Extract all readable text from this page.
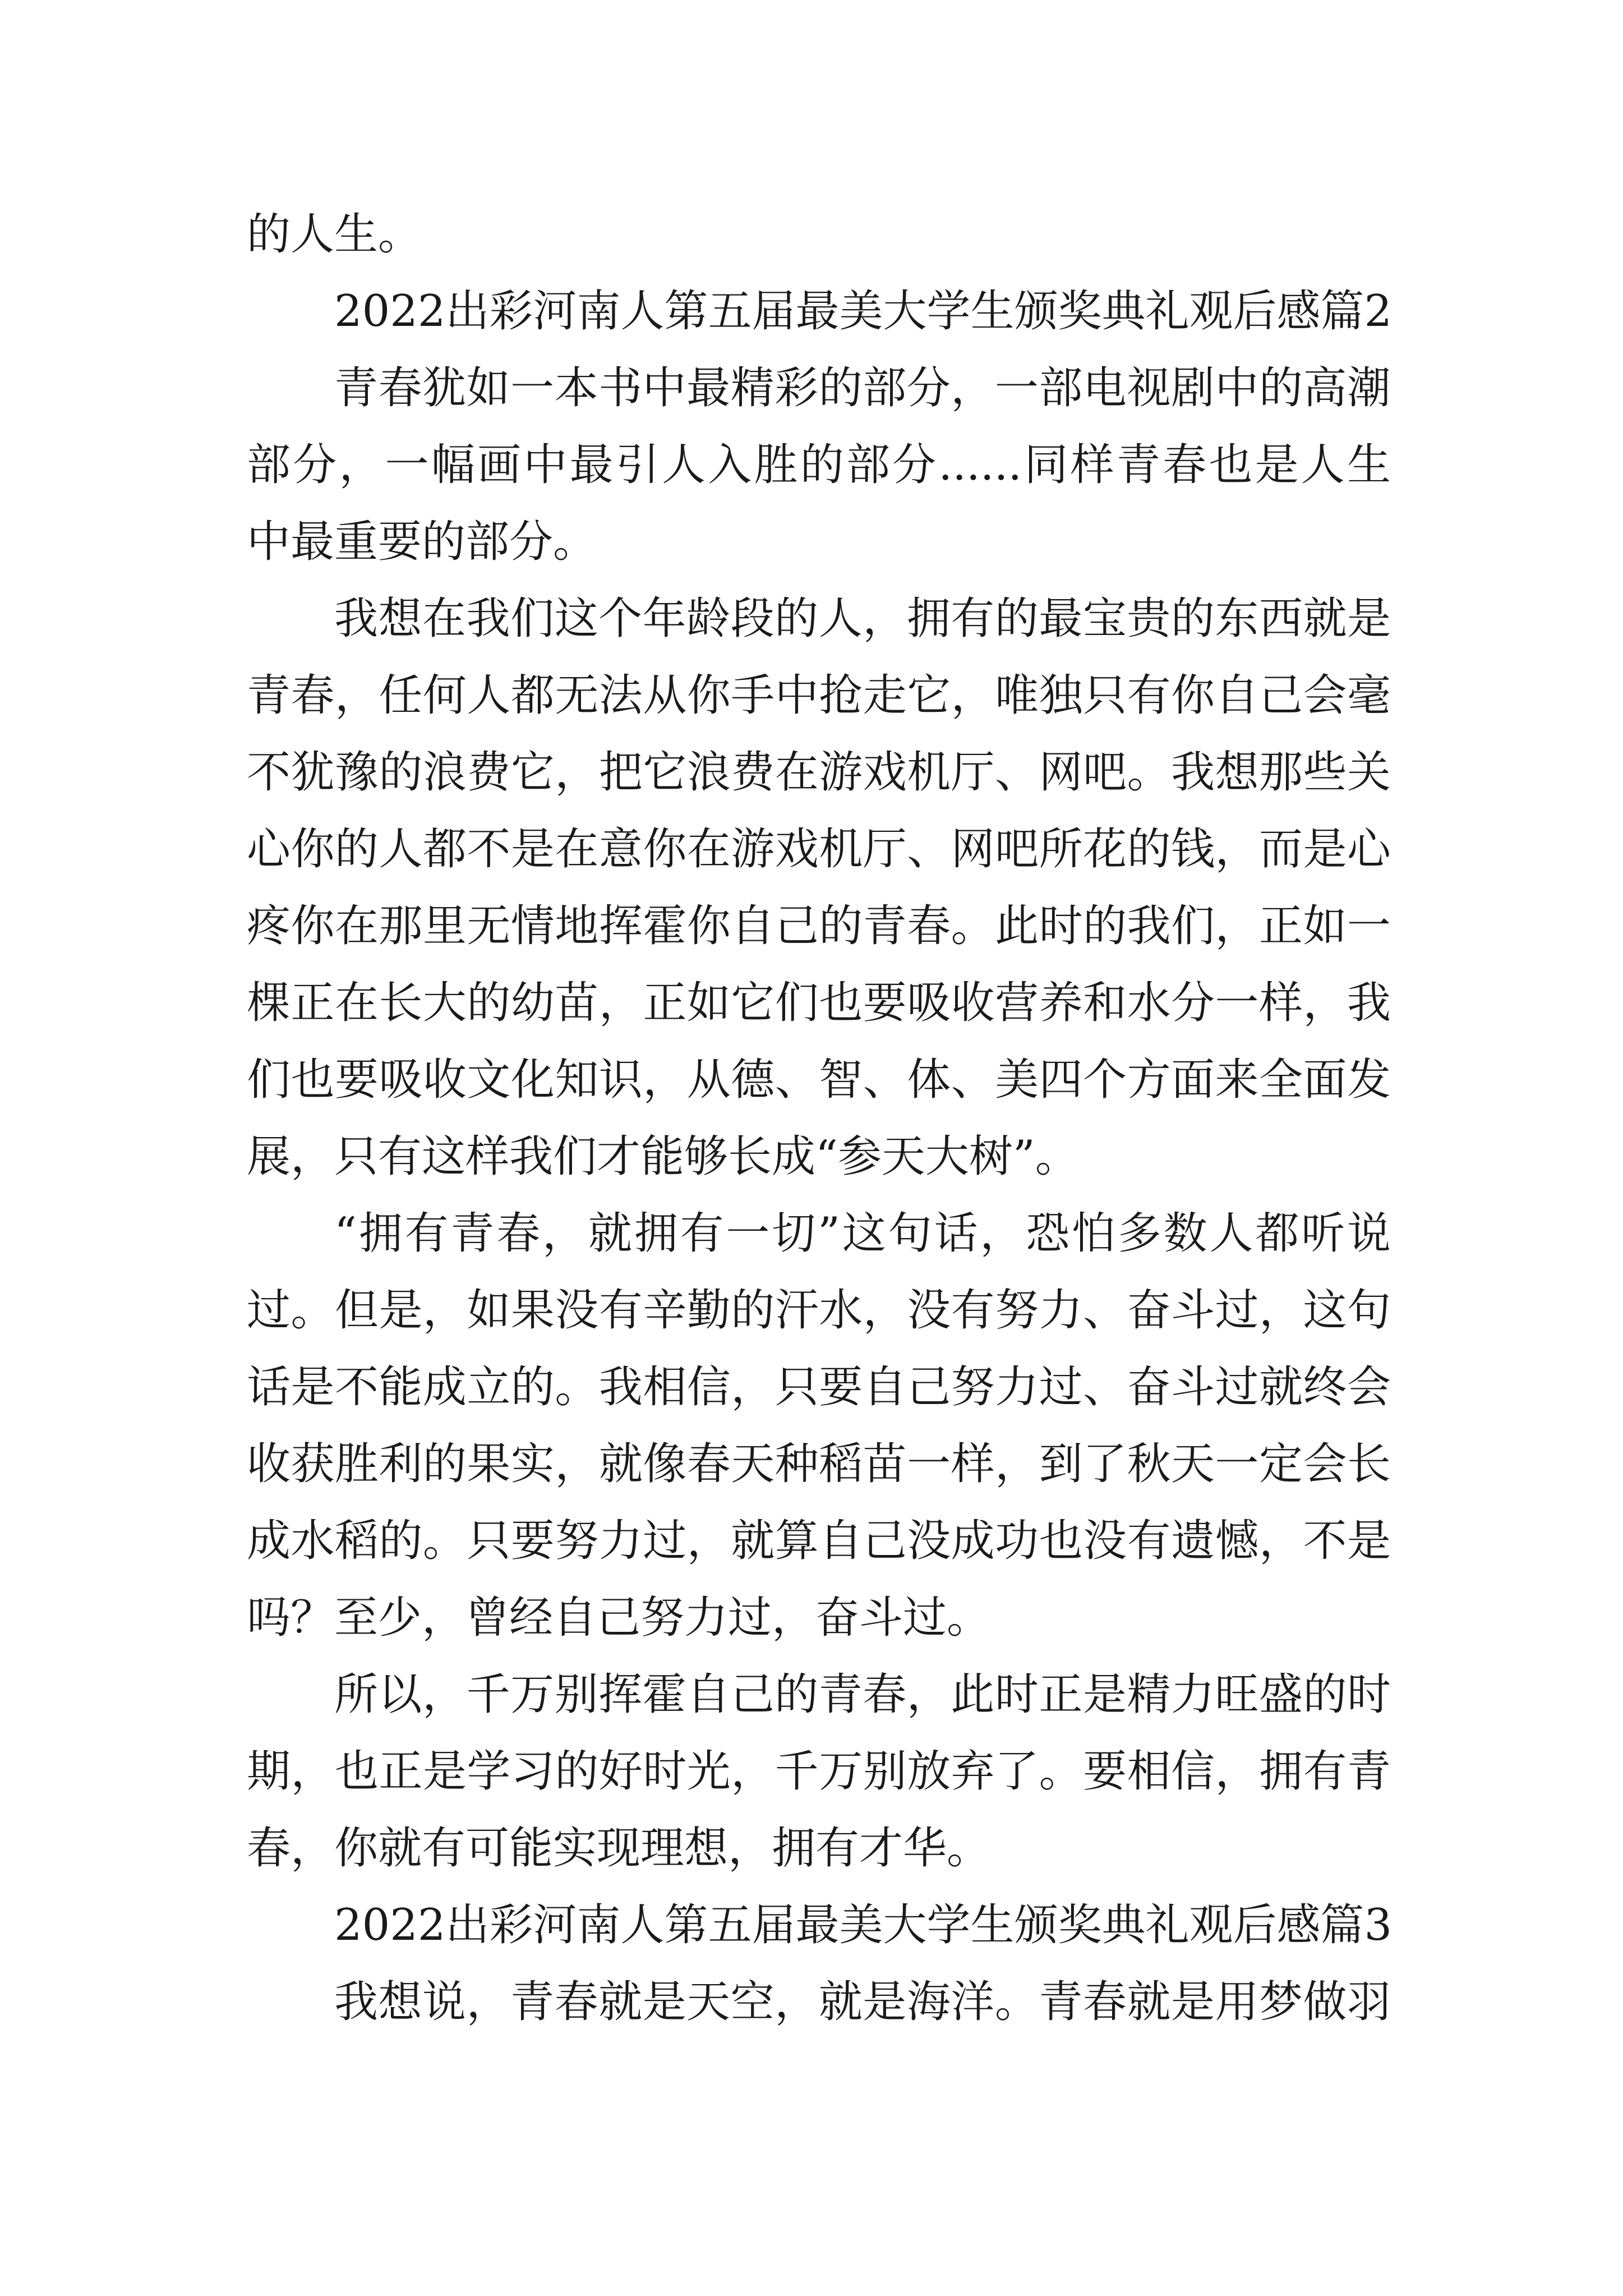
的人生。
2022出彩河南人第五届最美大学生颁奖典礼观后感篇2
青春犹如一本书中最精彩的部分，一部电视剧中的高潮
部分，一幅画中最引人入胜的部分......同样青春也是人生
中最重要的部分。
我想在我们这个年龄段的人，拥有的最宝贵的东西就是
青春，任何人都无法从你手中抢走它，唯独只有你自己会毫
不犹豫的浪费它，把它浪费在游戏机厅、网吧。我想那些关
心你的人都不是在意你在游戏机厅、网吧所花的钱，而是心
疼你在那里无情地挥霍你自己的青春。此时的我们，正如一
棵正在长大的幼苗，正如它们也要吸收营养和水分一样，我
们也要吸收文化知识，从德、智、体、美四个方面来全面发
展，只有这样我们才能够长成“参天大树”。
“拥有青春，就拥有一切”这句话，恐怕多数人都听说
过。但是，如果没有辛勤的汗水，没有努力、奋斗过，这句
话是不能成立的。我相信，只要自己努力过、奋斗过就终会
收获胜利的果实，就像春天种稻苗一样，到了秋天一定会长
成水稻的。只要努力过，就算自己没成功也没有遗憾，不是
吗？至少，曾经自己努力过，奋斗过。
所以，千万别挥霍自己的青春，此时正是精力旺盛的时
期，也正是学习的好时光，千万别放弃了。要相信，拥有青
春，你就有可能实现理想，拥有才华。
2022出彩河南人第五届最美大学生颁奖典礼观后感篇3
我想说，青春就是天空，就是海洋。青春就是用梦做羽
